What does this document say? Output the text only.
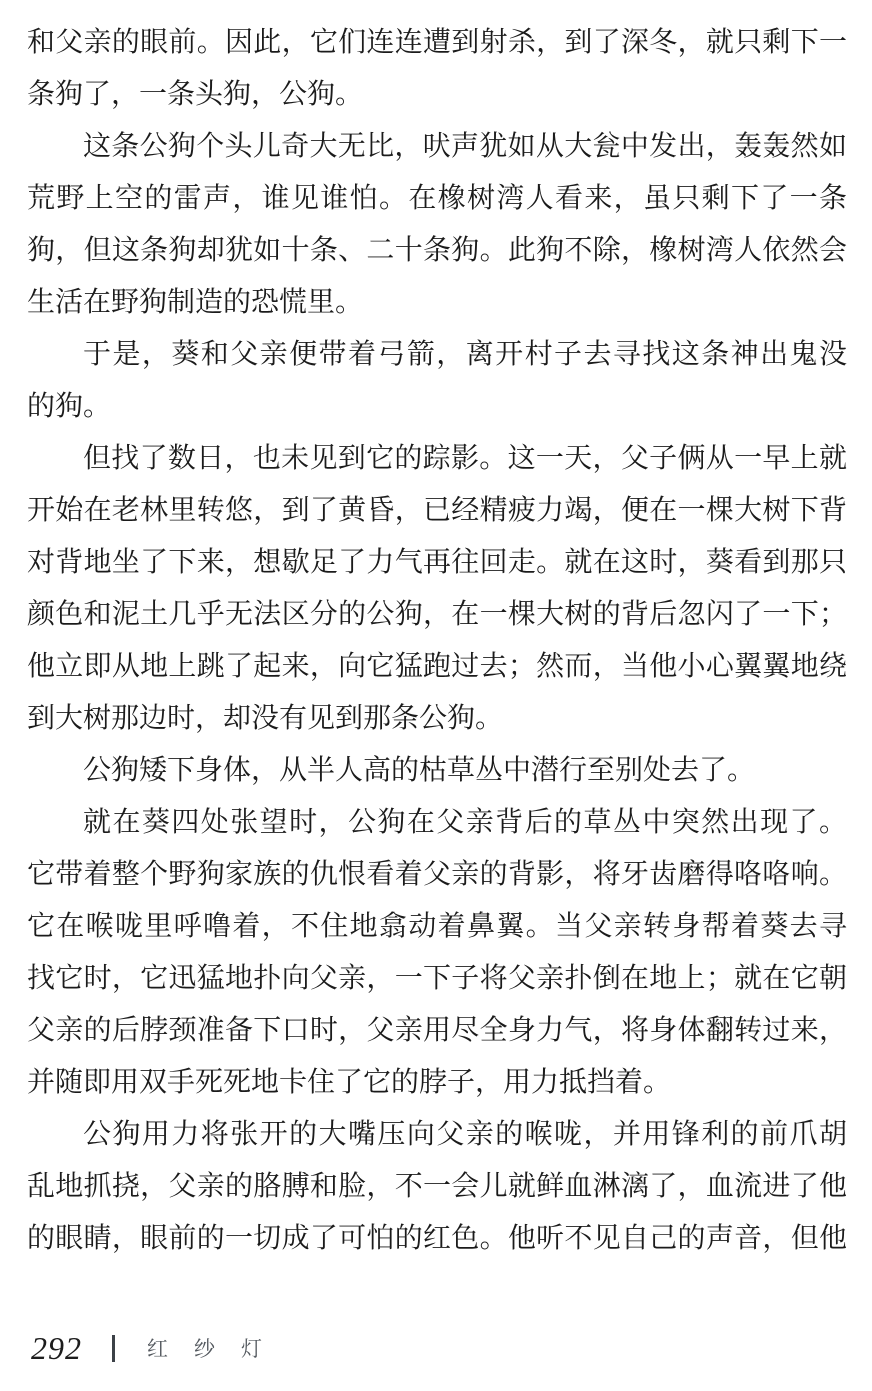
和父亲的眼前。因此，它们连连遭到射杀，到了深冬，就只剩下一
条狗了，一条头狗，公狗。
这条公狗个头儿奇大无比，吠声犹如从大瓮中发出，轰轰然如
荒野上空的雷声，谁见谁怕。在橡树湾人看来，虽只剩下了一条
狗，但这条狗却犹如十条、二十条狗。此狗不除，橡树湾人依然会
生活在野狗制造的恐慌里。
于是，葵和父亲便带着弓箭，离开村子去寻找这条神出鬼没
的狗。
但找了数日，也未见到它的踪影。这一天，父子俩从一早上就
开始在老林里转悠，到了黄昏，已经精疲力竭，便在一棵大树下背
对背地坐了下来，想歇足了力气再往回走。就在这时，葵看到那只
颜色和泥土几乎无法区分的公狗，在一棵大树的背后忽闪了一下；
他立即从地上跳了起来，向它猛跑过去；然而，当他小心翼翼地绕
到大树那边时，却没有见到那条公狗。
公狗矮下身体，从半人高的枯草丛中潜行至别处去了。
就在葵四处张望时，公狗在父亲背后的草丛中突然出现了。
它带着整个野狗家族的仇恨看着父亲的背影，将牙齿磨得咯咯响。
它在喉咙里呼噜着，不住地翕动着鼻翼。当父亲转身帮着葵去寻
找它时，它迅猛地扑向父亲，一下子将父亲扑倒在地上；就在它朝
父亲的后脖颈准备下口时，父亲用尽全身力气，将身体翻转过来，
并随即用双手死死地卡住了它的脖子，用力抵挡着。
公狗用力将张开的大嘴压向父亲的喉咙，并用锋利的前爪胡
乱地抓挠，父亲的胳膊和脸，不一会儿就鲜血淋漓了，血流进了他
的眼睛，眼前的一切成了可怕的红色。他听不见自己的声音，但他
292	红纱灯
